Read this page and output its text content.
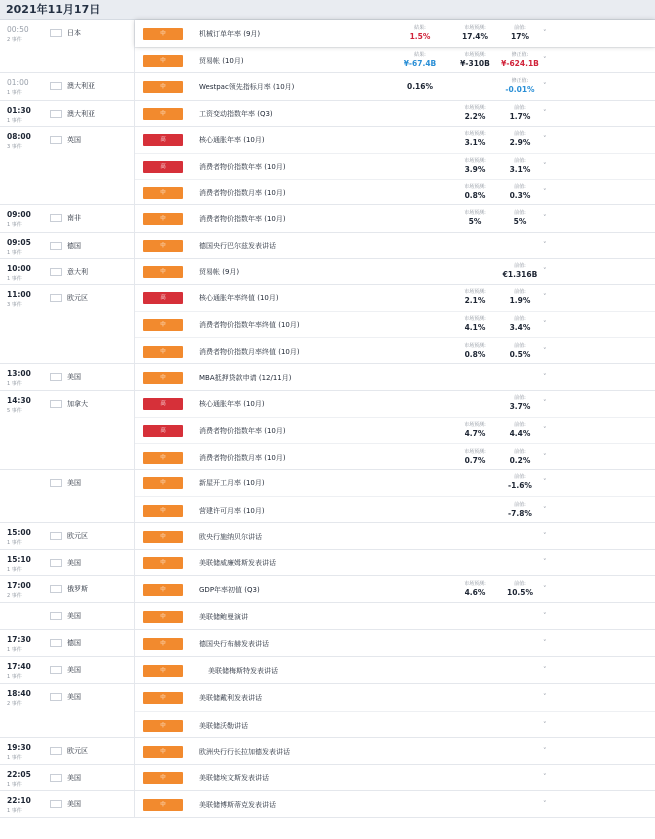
2021年11月17日
00:50
2 事件
日本	中	机械订单年率 (9月)
結果:
1.5%
市场预测:
17.4%
前值:
17%	˅
中	贸易帐 (10月)
結果:
¥-67.4B
市场预测:
¥-310B
修正值:
¥-624.1B ˅
01:00
1 事件
澳大利亚	中	Westpac领先指标月率 (10月)	0.16%
修正值:
-0.01%	˅
01:30
1 事件
澳大利亚	中	工资变动指数年率 (Q3)
市场预测:
2.2%
前值:
1.7%	˅
08:00
3 事件
英国	高	核心通胀年率 (10月)
市场预测:
3.1%
前值:
2.9%	˅
高	消费者物价指数年率 (10月)
市场预测:
3.9%
前值:
3.1%	˅
中	消费者物价指数月率 (10月)
市场预测:
0.8%
前值:
0.3%	˅
09:00
1 事件
南非	中	消费者物价指数年率 (10月)
市场预测:
5%
前值:
5%	˅
09:05
1 事件
德国	中	德国央行巴尔兹发表讲话	˅
10:00
1 事件
意大利	中	贸易帐 (9月)
前值:
€1.316B ˅
11:00
3 事件
欧元区	高	核心通胀年率终值 (10月)
市场预测:
2.1%
前值:
1.9%	˅
中	消费者物价指数年率终值 (10月)
市场预测:
4.1%
前值:
3.4%	˅
中	消费者物价指数月率终值 (10月)
市场预测:
0.8%
前值:
0.5%	˅
13:00
1 事件
美国	中	MBA抵押贷款申请 (12/11月)	˅
14:30
5 事件
加拿大	高	核心通胀年率 (10月)
前值:
3.7%	˅
高	消费者物价指数年率 (10月)
市场预测:
4.7%
前值:
4.4%	˅
中	消费者物价指数月率 (10月)
市场预测:
0.7%
前值:
0.2%	˅
美国	中	新屋开工月率 (10月)
前值:
-1.6%	˅
中	营建许可月率 (10月)
前值:
-7.8%	˅
15:00
1 事件
欧元区	中	欧央行施纳贝尔讲话	˅
15:10
1 事件
美国	中	美联储威廉姆斯发表讲话	˅
17:00
2 事件
俄罗斯	中	GDP年率初值 (Q3)
市场预测:
4.6%
前值:
10.5%	˅
美国	中	美联储鲍曼演讲	˅
17:30
1 事件
德国	中	德国央行布赫发表讲话	˅
17:40
1 事件
美国	中	美联储梅斯特发表讲话	˅
18:40
2 事件
美国	中	美联储戴利发表讲话	˅
中	美联储沃勒讲话	˅
19:30
1 事件
欧元区	中	欧洲央行行长拉加德发表讲话	˅
22:05
1 事件
美国	中	美联储埃文斯发表讲话	˅
22:10
1 事件
美国	中	美联储博斯蒂克发表讲话	˅
